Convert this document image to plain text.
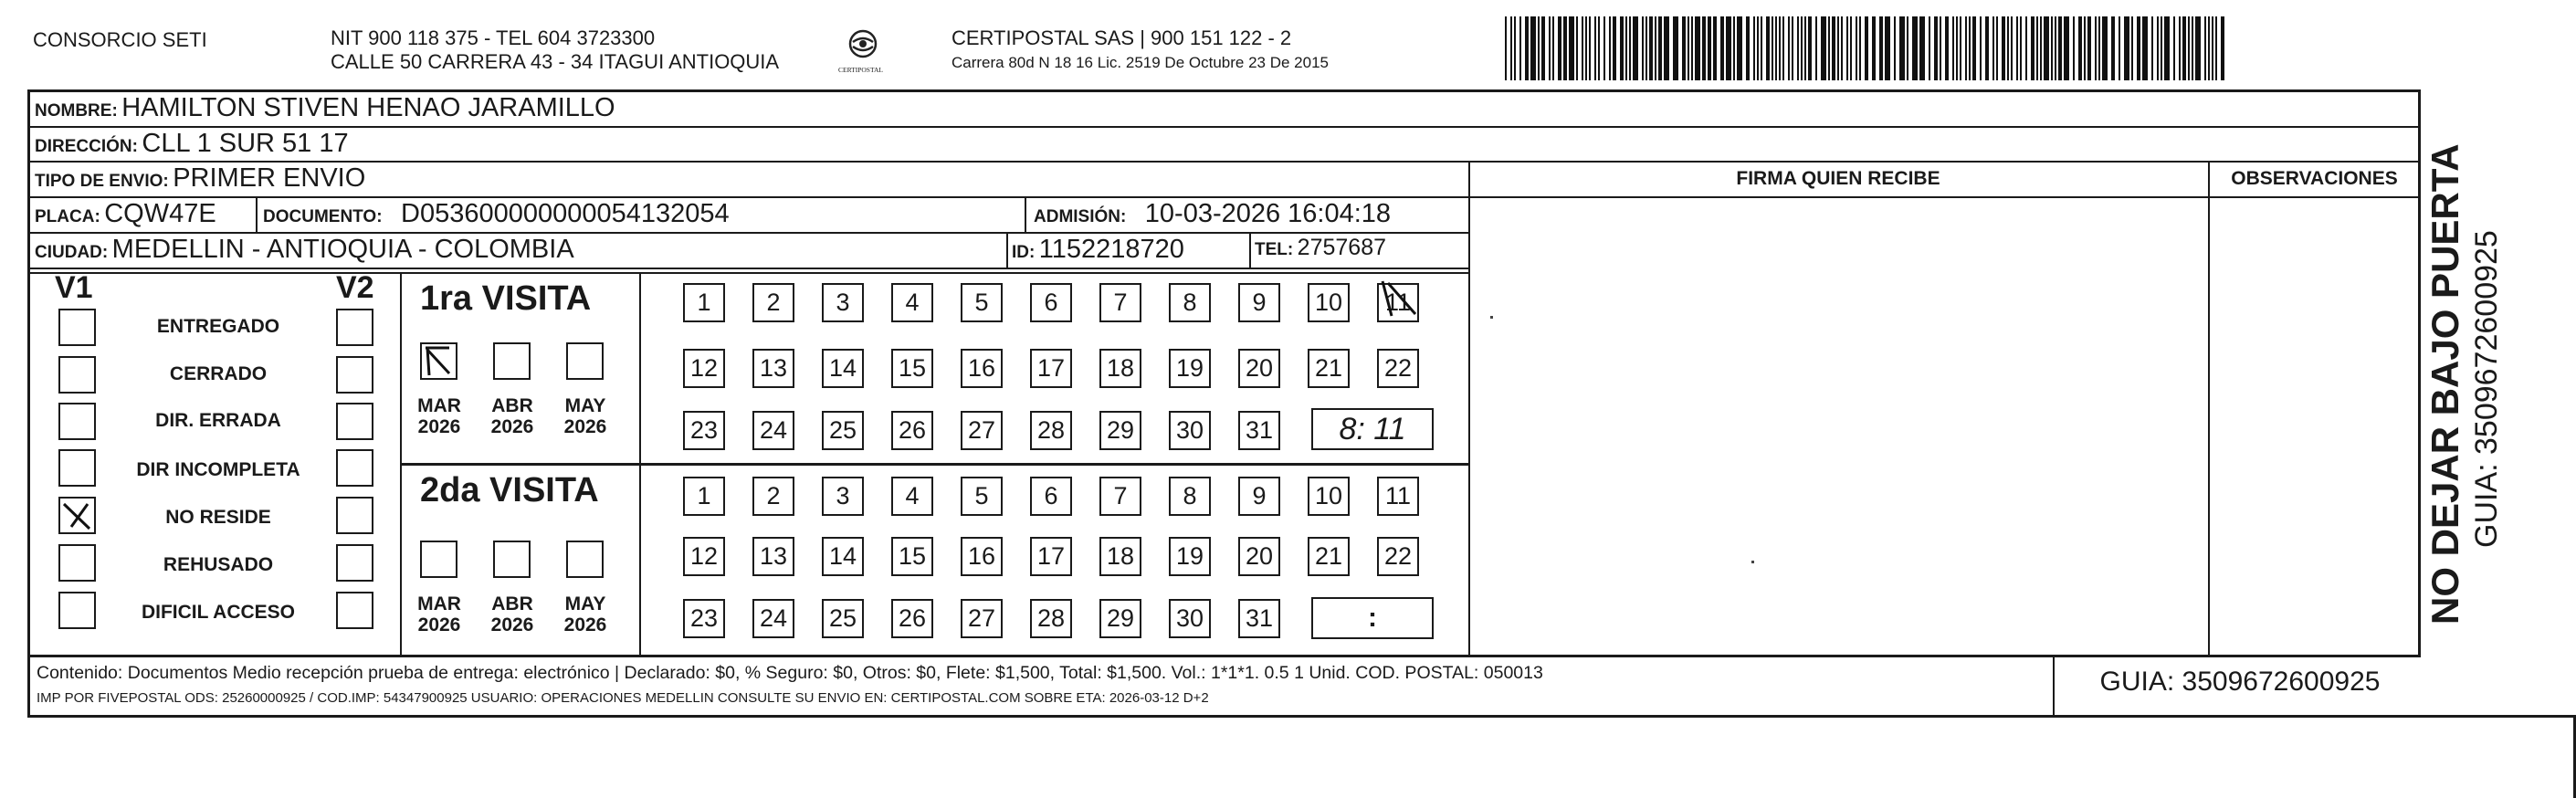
CONSORCIO SETI	NIT 900 118 375 - TEL 604 3723300
CALLE 50 CARRERA 43 - 34 ITAGUI ANTIOQUIA	CERTIPOSTAL
CERTIPOSTAL SAS | 900 151 122 - 2
Carrera 80d N 18 16 Lic. 2519 De Octubre 23 De 2015
NOMBRE: HAMILTON STIVEN HENAO JARAMILLO
DIRECCIÓN: CLL 1 SUR 51 17
TIPO DE ENVIO: PRIMER ENVIO
PLACA: CQW47E	DOCUMENTO: D053600000000054132054	ADMISIÓN: 10-03-2026 16:04:18
CIUDAD: MEDELLIN - ANTIOQUIA - COLOMBIA	ID: 1152218720	TEL: 2757687
FIRMA QUIEN RECIBE	OBSERVACIONES
V1	V2
ENTREGADO
CERRADO
DIR. ERRADA
DIR INCOMPLETA
NO RESIDE
REHUSADO
DIFICIL ACCESO
1ra VISITA
MAR
2026
ABR
2026
MAY
2026
1	2	3	4	5	6	7	8	9	10	11
12 13 14 15 16 17 18 19 20 21 22
23 24 25 26 27 28 29 30 31	8: 11
2da VISITA
MAR
2026
ABR
2026
MAY
2026
1	2	3	4	5	6	7	8	9	10	11
12 13 14 15 16 17 18 19 20 21 22
23 24 25 26 27 28 29 30 31	:
Contenido: Documentos Medio recepción prueba de entrega: electrónico | Declarado: $0, % Seguro: $0, Otros: $0, Flete: $1,500, Total: $1,500. Vol.: 1*1*1. 0.5 1 Unid. COD. POSTAL: 050013
IMP POR FIVEPOSTAL ODS: 25260000925 / COD.IMP: 54347900925 USUARIO: OPERACIONES MEDELLIN CONSULTE SU ENVIO EN: CERTIPOSTAL.COM SOBRE ETA: 2026-03-12 D+2
GUIA: 3509672600925
NO DEJAR BAJO PUERTA GUIA: 3509672600925
